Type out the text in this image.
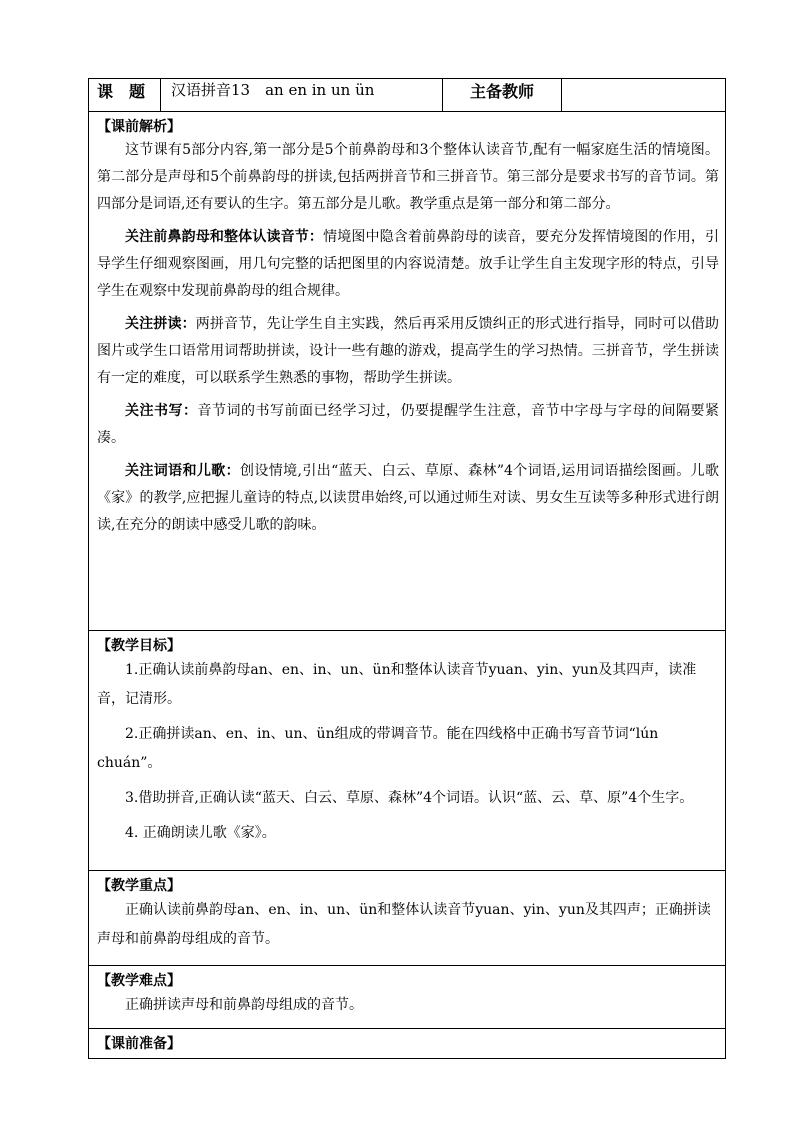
课　题	汉语拼音13　an en in un ün	主备教师	

【课前解析】

这节课有5部分内容,第一部分是5个前鼻韵母和3个整体认读音节,配有一幅家庭生活的情境图。第二部分是声母和5个前鼻韵母的拼读,包括两拼音节和三拼音节。第三部分是要求书写的音节词。第四部分是词语,还有要认的生字。第五部分是儿歌。教学重点是第一部分和第二部分。

关注前鼻韵母和整体认读音节：情境图中隐含着前鼻韵母的读音，要充分发挥情境图的作用，引导学生仔细观察图画，用几句完整的话把图里的内容说清楚。放手让学生自主发现字形的特点，引导学生在观察中发现前鼻韵母的组合规律。

关注拼读：两拼音节，先让学生自主实践，然后再采用反馈纠正的形式进行指导，同时可以借助图片或学生口语常用词帮助拼读，设计一些有趣的游戏，提高学生的学习热情。三拼音节，学生拼读有一定的难度，可以联系学生熟悉的事物，帮助学生拼读。

关注书写：音节词的书写前面已经学习过，仍要提醒学生注意，音节中字母与字母的间隔要紧凑。

关注词语和儿歌：创设情境,引出“蓝天、白云、草原、森林”4个词语,运用词语描绘图画。儿歌《家》的教学,应把握儿童诗的特点,以读贯串始终,可以通过师生对读、男女生互读等多种形式进行朗读,在充分的朗读中感受儿歌的韵味。

【教学目标】

1.正确认读前鼻韵母an、en、in、un、ün和整体认读音节yuan、yin、yun及其四声，读准音，记清形。

2.正确拼读an、en、in、un、ün组成的带调音节。能在四线格中正确书写音节词“lún chuán”。

3.借助拼音,正确认读“蓝天、白云、草原、森林”4个词语。认识“蓝、云、草、原”4个生字。

4. 正确朗读儿歌《家》。

【教学重点】

正确认读前鼻韵母an、en、in、un、ün和整体认读音节yuan、yin、yun及其四声；正确拼读声母和前鼻韵母组成的音节。

【教学难点】

正确拼读声母和前鼻韵母组成的音节。

【课前准备】
